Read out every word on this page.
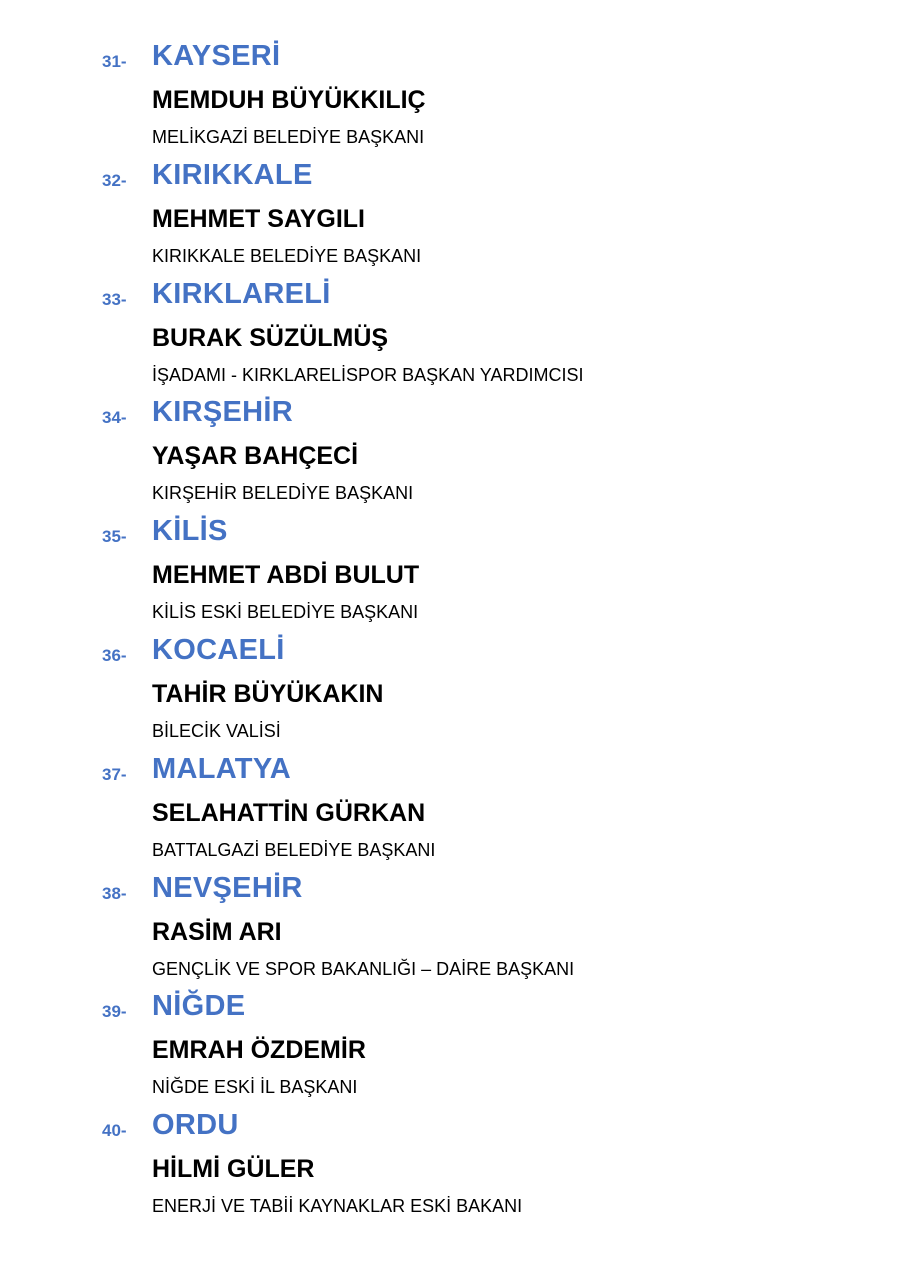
31- KAYSERİ
MEMDUH BÜYÜKKILIÇ
MELİKGAZİ BELEDİYE BAŞKANI
32- KIRIKKALE
MEHMET SAYGILI
KIRIKKALE BELEDİYE BAŞKANI
33- KIRKLARELİ
BURAK SÜZÜLMÜŞ
İŞADAMI - KIRKLARELİSPOR BAŞKAN YARDIMCISI
34- KIRŞEHİR
YAŞAR BAHÇECİ
KIRŞEHİR BELEDİYE BAŞKANI
35- KİLİS
MEHMET ABDİ BULUT
KİLİS ESKİ BELEDİYE BAŞKANI
36- KOCAELİ
TAHİR BÜYÜKAKIN
BİLECİK VALİSİ
37- MALATYA
SELAHATTİN GÜRKAN
BATTALGAZİ BELEDİYE BAŞKANI
38- NEVŞEHİR
RASİM ARI
GENÇLİK VE SPOR BAKANLIĞI – DAİRE BAŞKANI
39- NİĞDE
EMRAH ÖZDEMİR
NİĞDE ESKİ İL BAŞKANI
40- ORDU
HİLMİ GÜLER
ENERJİ VE TABİİ KAYNAKLAR ESKİ BAKANI
